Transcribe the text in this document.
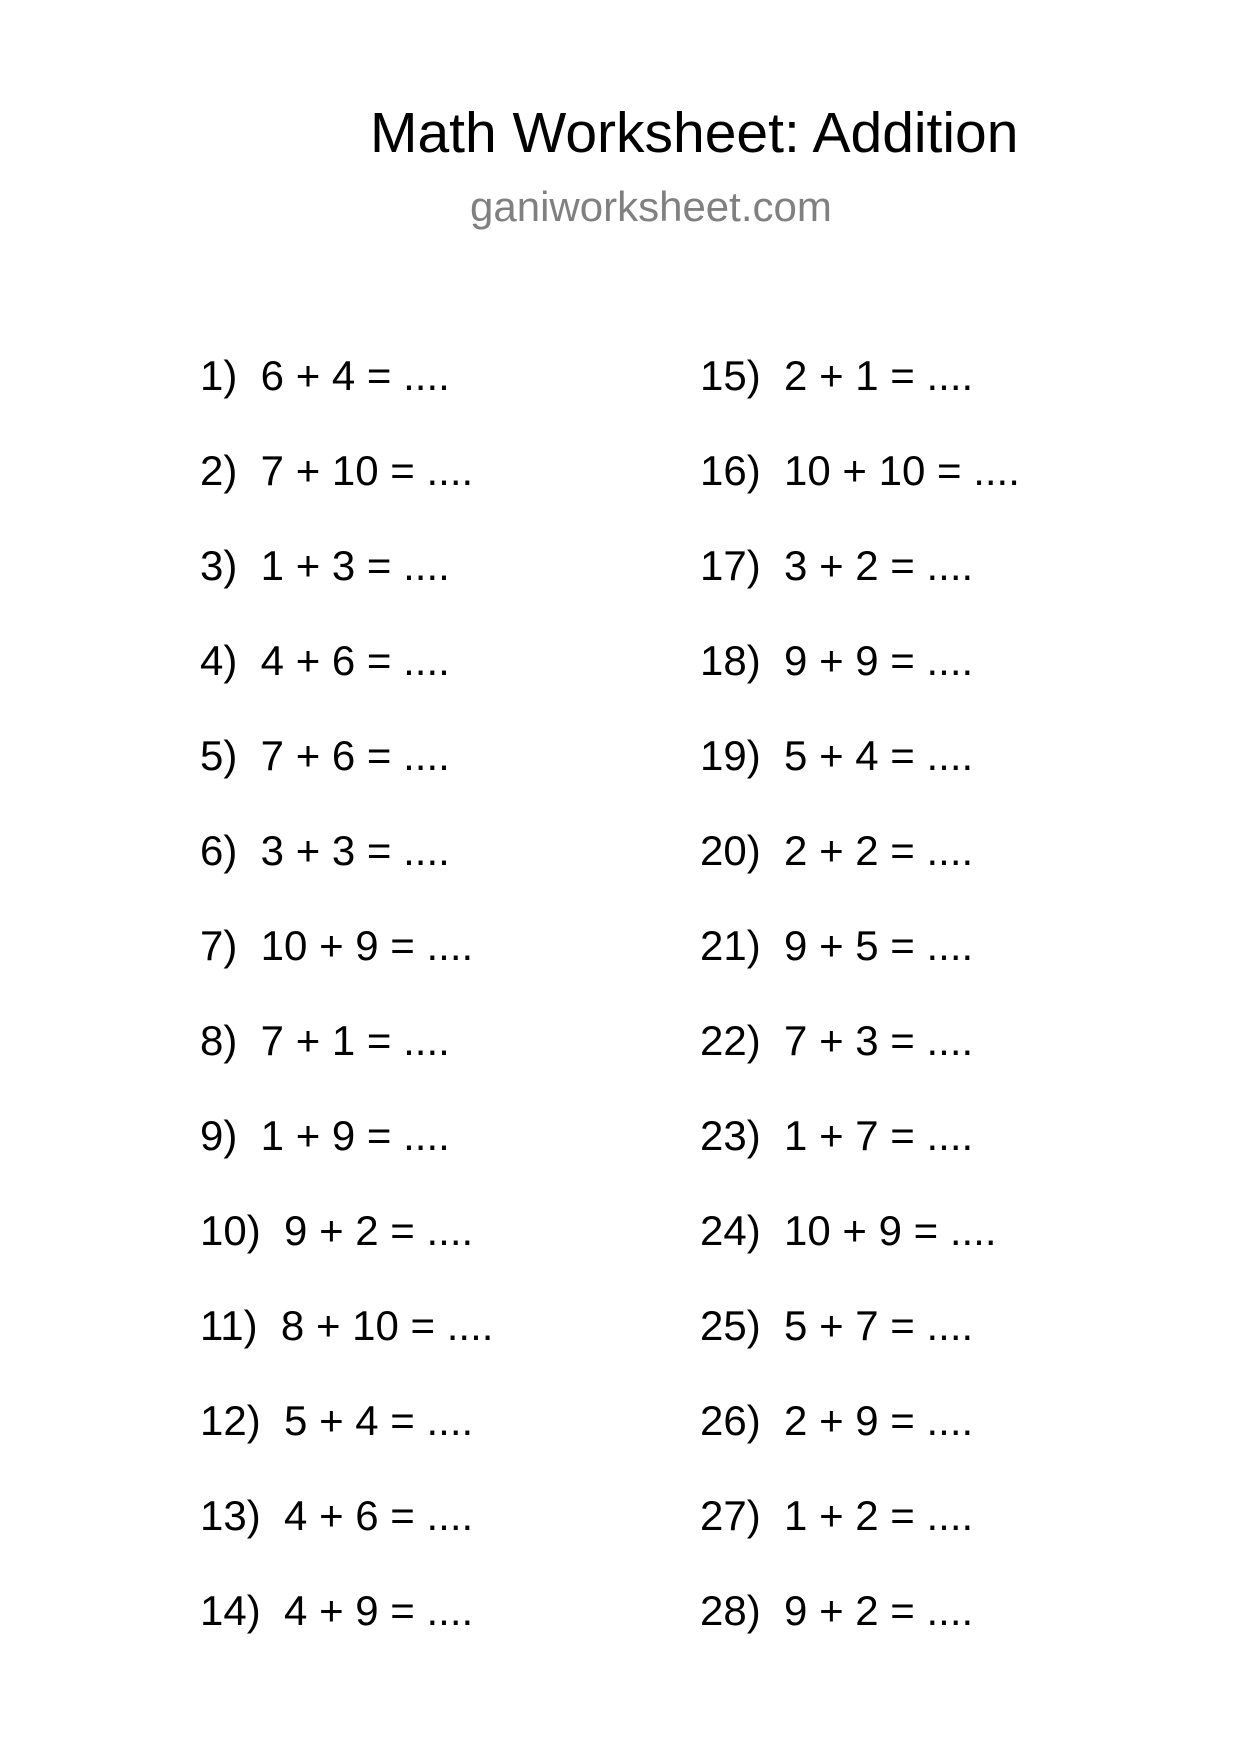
Math Worksheet: Addition
ganiworksheet.com
1)  6 + 4 = ....
2)  7 + 10 = ....
3)  1 + 3 = ....
4)  4 + 6 = ....
5)  7 + 6 = ....
6)  3 + 3 = ....
7)  10 + 9 = ....
8)  7 + 1 = ....
9)  1 + 9 = ....
10)  9 + 2 = ....
11)  8 + 10 = ....
12)  5 + 4 = ....
13)  4 + 6 = ....
14)  4 + 9 = ....
15)  2 + 1 = ....
16)  10 + 10 = ....
17)  3 + 2 = ....
18)  9 + 9 = ....
19)  5 + 4 = ....
20)  2 + 2 = ....
21)  9 + 5 = ....
22)  7 + 3 = ....
23)  1 + 7 = ....
24)  10 + 9 = ....
25)  5 + 7 = ....
26)  2 + 9 = ....
27)  1 + 2 = ....
28)  9 + 2 = ....
